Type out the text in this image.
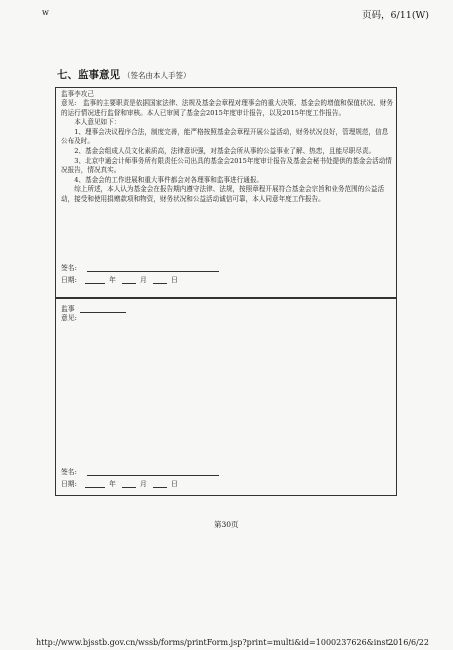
w	页码，6/11(W)
七、监事意见 （签名由本人手签）
监事李攻己

意见:  监事的主要职责是依据国家法律、法规及基金会章程对理事会的重大决策、基金会的增值和保值状况、财务的运行情况进行监督和审核。本人已审阅了基金会2015年度审计报告，以及2015年度工作报告。

本人意见如下：

1、理事会决议程序合法，制度完善，能严格按照基金会章程开展公益活动，财务状况良好，管理规范，信息公布及时。

2、基金会组成人员文化素质高，法律意识强，对基金会所从事的公益事业了解、热恋，且能尽职尽责。

3、北京中通会计师事务所有限责任公司出具的基金会2015年度审计报告及基金会秘书处提供的基金会活动情况报告，情况真实。

4、基金会的工作进展和重大事件都会对各理事和监事进行通报。

综上所述，本人认为基金会在报告期内遵守法律、法规，按照章程开展符合基金会宗旨和业务范围的公益活动，接受和使用捐赠款项和物资，财务状况和公益活动诚信可靠，本人同意年度工作报告。

签名:
日期:	年	月	日
监事
意见:
签名:
日期:	年	月	日
第30页
http://www.bjsstb.gov.cn/wssb/forms/printForm.jsp?print=multi&id=1000237626&inst...
2016/6/22
